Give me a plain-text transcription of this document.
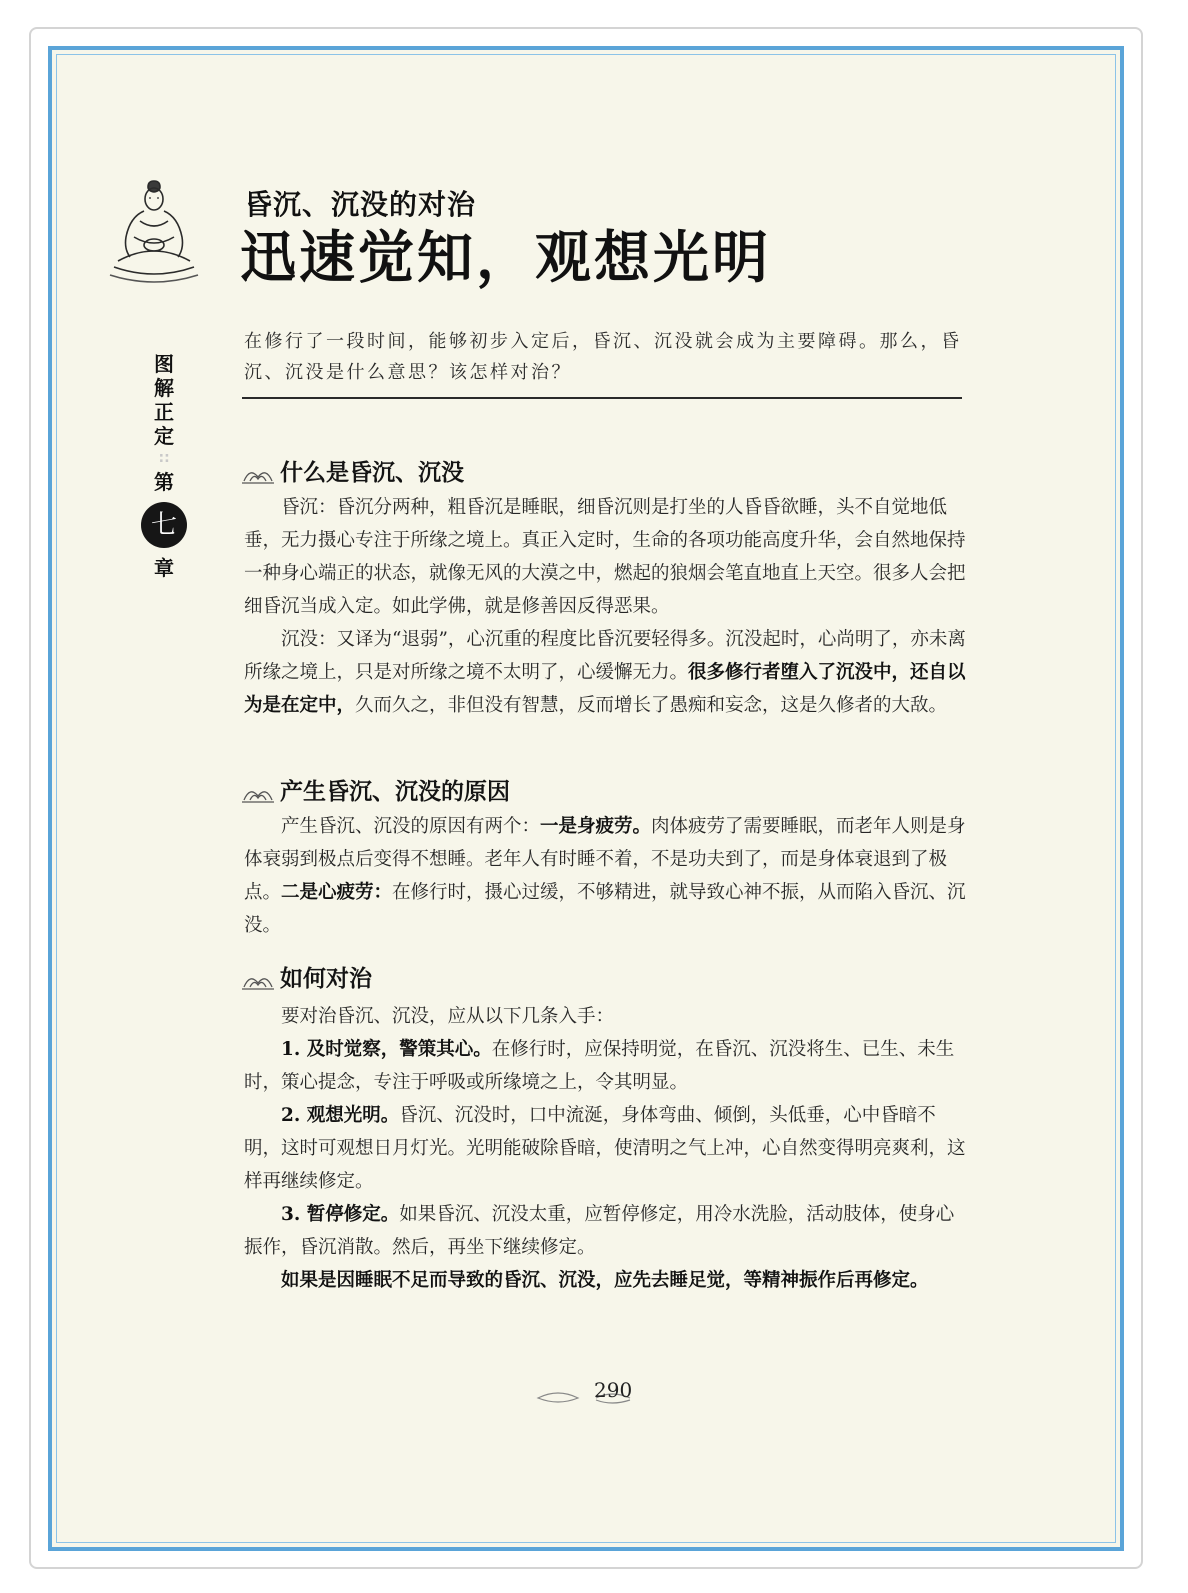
昏沉、沉没的对治
迅速觉知，观想光明
在修行了一段时间，能够初步入定后，昏沉、沉没就会成为主要障碍。那么，昏沉、沉没是什么意思？该怎样对治？
图
解
正
定
∷
第
七
章
什么是昏沉、沉没

昏沉：昏沉分两种，粗昏沉是睡眠，细昏沉则是打坐的人昏昏欲睡，头不自觉地低垂，无力摄心专注于所缘之境上。真正入定时，生命的各项功能高度升华，会自然地保持一种身心端正的状态，就像无风的大漠之中，燃起的狼烟会笔直地直上天空。很多人会把细昏沉当成入定。如此学佛，就是修善因反得恶果。

沉没：又译为“退弱”，心沉重的程度比昏沉要轻得多。沉没起时，心尚明了，亦未离所缘之境上，只是对所缘之境不太明了，心缓懈无力。很多修行者堕入了沉没中，还自以为是在定中，久而久之，非但没有智慧，反而增长了愚痴和妄念，这是久修者的大敌。

产生昏沉、沉没的原因

产生昏沉、沉没的原因有两个：一是身疲劳。肉体疲劳了需要睡眠，而老年人则是身体衰弱到极点后变得不想睡。老年人有时睡不着，不是功夫到了，而是身体衰退到了极点。二是心疲劳：在修行时，摄心过缓，不够精进，就导致心神不振，从而陷入昏沉、沉没。

如何对治

要对治昏沉、沉没，应从以下几条入手：

1. 及时觉察，警策其心。在修行时，应保持明觉，在昏沉、沉没将生、已生、未生时，策心提念，专注于呼吸或所缘境之上，令其明显。

2. 观想光明。昏沉、沉没时，口中流涎，身体弯曲、倾倒，头低垂，心中昏暗不明，这时可观想日月灯光。光明能破除昏暗，使清明之气上冲，心自然变得明亮爽利，这样再继续修定。

3. 暂停修定。如果昏沉、沉没太重，应暂停修定，用冷水洗脸，活动肢体，使身心振作，昏沉消散。然后，再坐下继续修定。

如果是因睡眠不足而导致的昏沉、沉没，应先去睡足觉，等精神振作后再修定。

290
